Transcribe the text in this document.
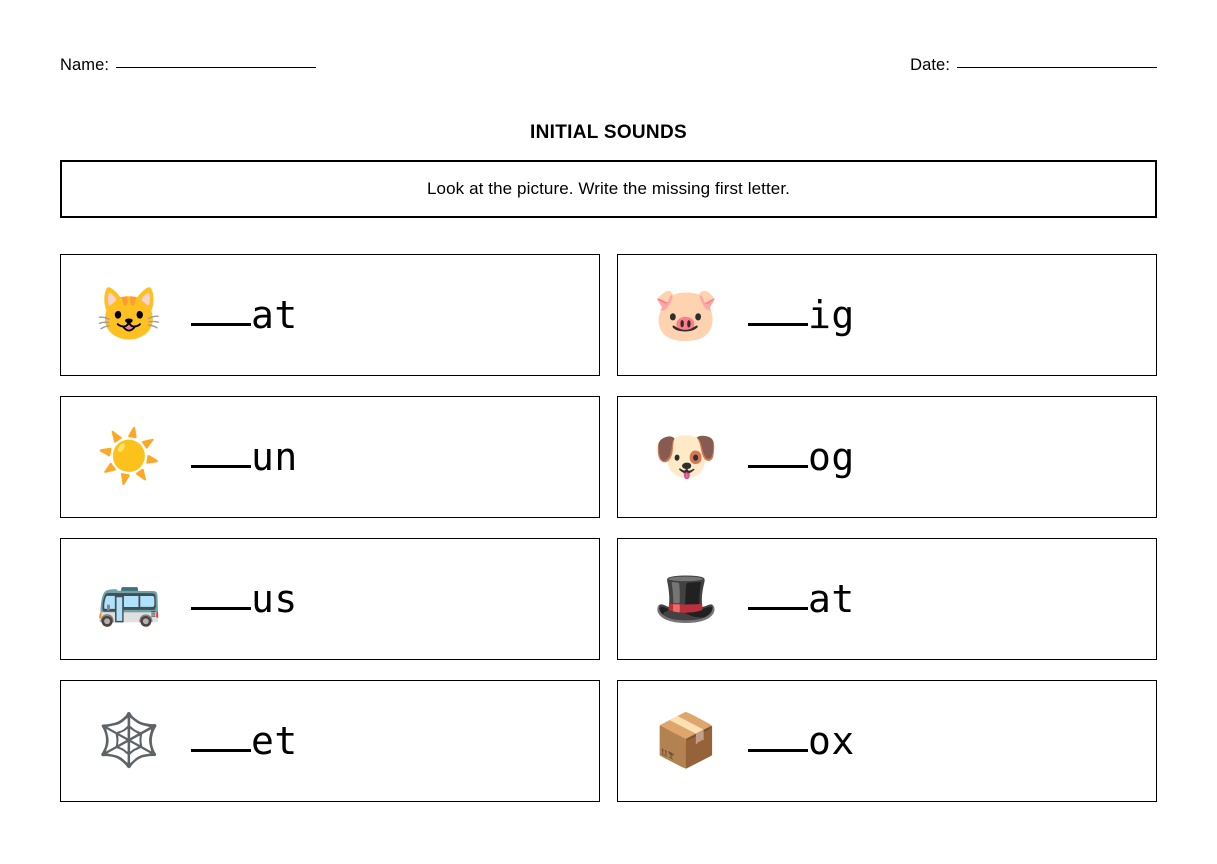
Name:	Date:
INITIAL SOUNDS
Look at the picture. Write the missing first letter.
😺 at	🐷 ig
☀️ un	🐶 og
🚌 us	🎩 at
🕸️ et	📦 ox
